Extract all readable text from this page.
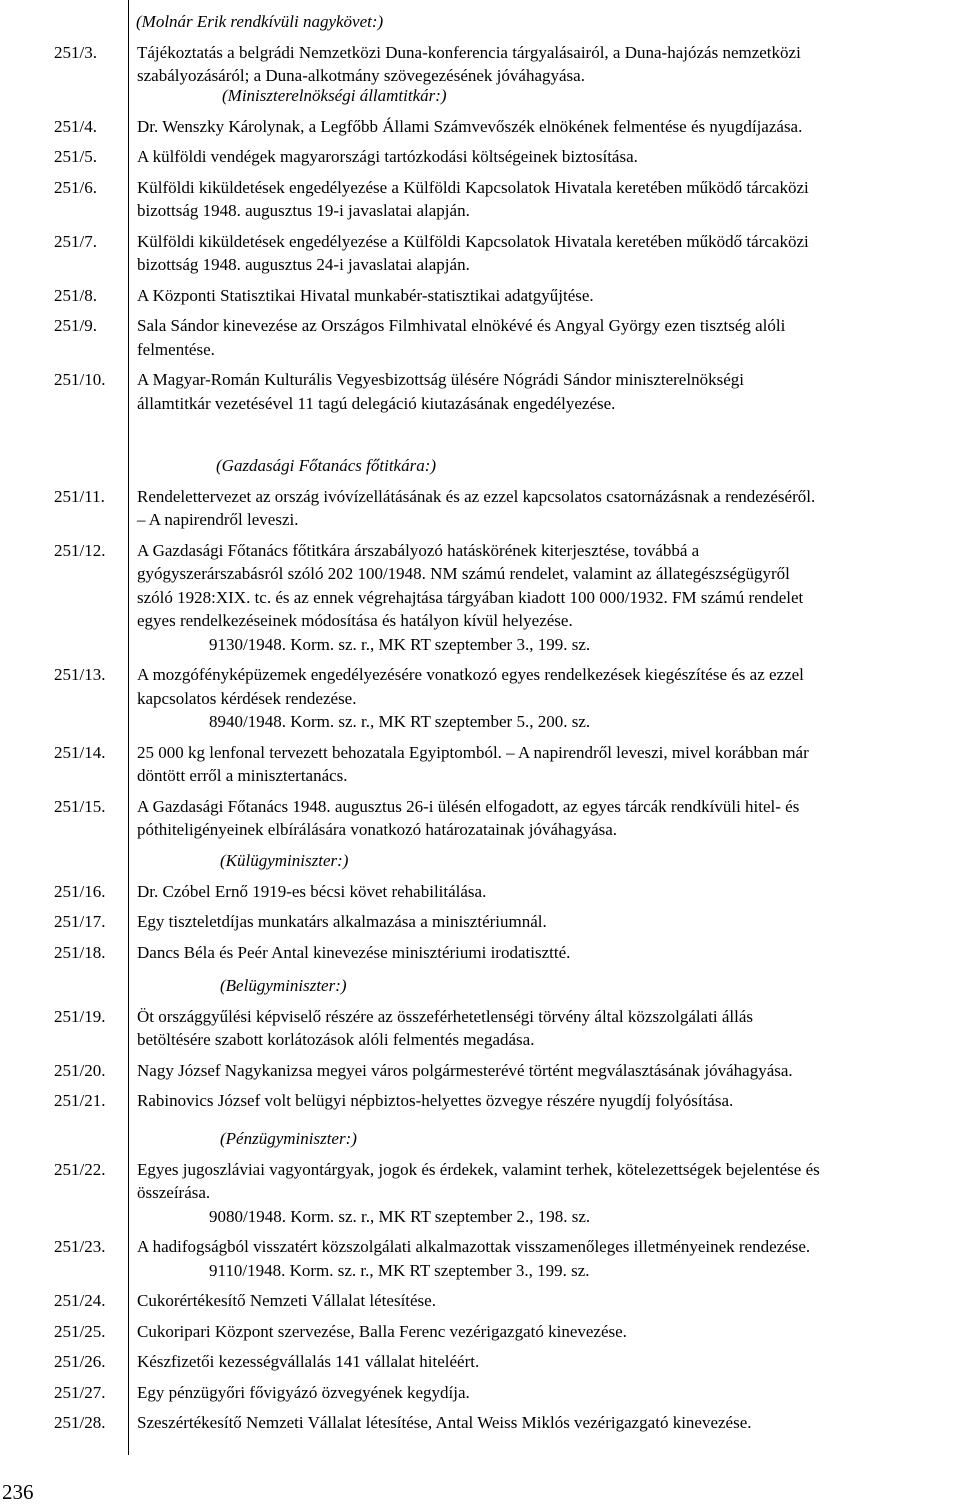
(Molnár Erik rendkívüli nagykövet:)
251/3.	Tájékoztatás a belgrádi Nemzetközi Duna-konferencia tárgyalásairól, a Duna-hajózás nemzetközi
szabályozásáról; a Duna-alkotmány szövegezésének jóváhagyása.
(Miniszterelnökségi államtitkár:)
251/4.	Dr. Wenszky Károlynak, a Legfőbb Állami Számvevőszék elnökének felmentése és nyugdíjazása.
251/5.	A külföldi vendégek magyarországi tartózkodási költségeinek biztosítása.
251/6.	Külföldi kiküldetések engedélyezése a Külföldi Kapcsolatok Hivatala keretében működő tárcaközi
bizottság 1948. augusztus 19-i javaslatai alapján.
251/7.	Külföldi kiküldetések engedélyezése a Külföldi Kapcsolatok Hivatala keretében működő tárcaközi
bizottság 1948. augusztus 24-i javaslatai alapján.
251/8.	A Központi Statisztikai Hivatal munkabér-statisztikai adatgyűjtése.
251/9.	Sala Sándor kinevezése az Országos Filmhivatal elnökévé és Angyal György ezen tisztség alóli
felmentése.
251/10.	A Magyar-Román Kulturális Vegyesbizottság ülésére Nógrádi Sándor miniszterelnökségi
államtitkár vezetésével 11 tagú delegáció kiutazásának engedélyezése.
(Gazdasági Főtanács főtitkára:)
251/11.	Rendelettervezet az ország ivóvízellátásának és az ezzel kapcsolatos csatornázásnak a rendezéséről.
– A napirendről leveszi.
251/12.	A Gazdasági Főtanács főtitkára árszabályozó hatáskörének kiterjesztése, továbbá a
gyógyszerárszabásról szóló 202 100/1948. NM számú rendelet, valamint az állategészségügyről
szóló 1928:XIX. tc. és az ennek végrehajtása tárgyában kiadott 100 000/1932. FM számú rendelet
egyes rendelkezéseinek módosítása és hatályon kívül helyezése.
9130/1948. Korm. sz. r., MK RT szeptember 3., 199. sz.
251/13.	A mozgófényképüzemek engedélyezésére vonatkozó egyes rendelkezések kiegészítése és az ezzel
kapcsolatos kérdések rendezése.
8940/1948. Korm. sz. r., MK RT szeptember 5., 200. sz.
251/14.	25 000 kg lenfonal tervezett behozatala Egyiptomból. – A napirendről leveszi, mivel korábban már
döntött erről a minisztertanács.
251/15.	A Gazdasági Főtanács 1948. augusztus 26-i ülésén elfogadott, az egyes tárcák rendkívüli hitel- és
póthiteligényeinek elbírálására vonatkozó határozatainak jóváhagyása.
(Külügyminiszter:)
251/16.	Dr. Czóbel Ernő 1919-es bécsi követ rehabilitálása.
251/17.	Egy tiszteletdíjas munkatárs alkalmazása a minisztériumnál.
251/18.	Dancs Béla és Peér Antal kinevezése minisztériumi irodatisztté.
(Belügyminiszter:)
251/19.	Öt országgyűlési képviselő részére az összeférhetetlenségi törvény által közszolgálati állás
betöltésére szabott korlátozások alóli felmentés megadása.
251/20.	Nagy József Nagykanizsa megyei város polgármesterévé történt megválasztásának jóváhagyása.
251/21.	Rabinovics József volt belügyi népbiztos-helyettes özvegye részére nyugdíj folyósítása.
(Pénzügyminiszter:)
251/22.	Egyes jugoszláviai vagyontárgyak, jogok és érdekek, valamint terhek, kötelezettségek bejelentése és
összeírása.
9080/1948. Korm. sz. r., MK RT szeptember 2., 198. sz.
251/23.	A hadifogságból visszatért közszolgálati alkalmazottak visszamenőleges illetményeinek rendezése.
9110/1948. Korm. sz. r., MK RT szeptember 3., 199. sz.
251/24.	Cukorértékesítő Nemzeti Vállalat létesítése.
251/25.	Cukoripari Központ szervezése, Balla Ferenc vezérigazgató kinevezése.
251/26.	Készfizetői kezességvállalás 141 vállalat hiteléért.
251/27.	Egy pénzügyőri fővigyázó özvegyének kegydíja.
251/28.	Szeszértékesítő Nemzeti Vállalat létesítése, Antal Weiss Miklós vezérigazgató kinevezése.
236
